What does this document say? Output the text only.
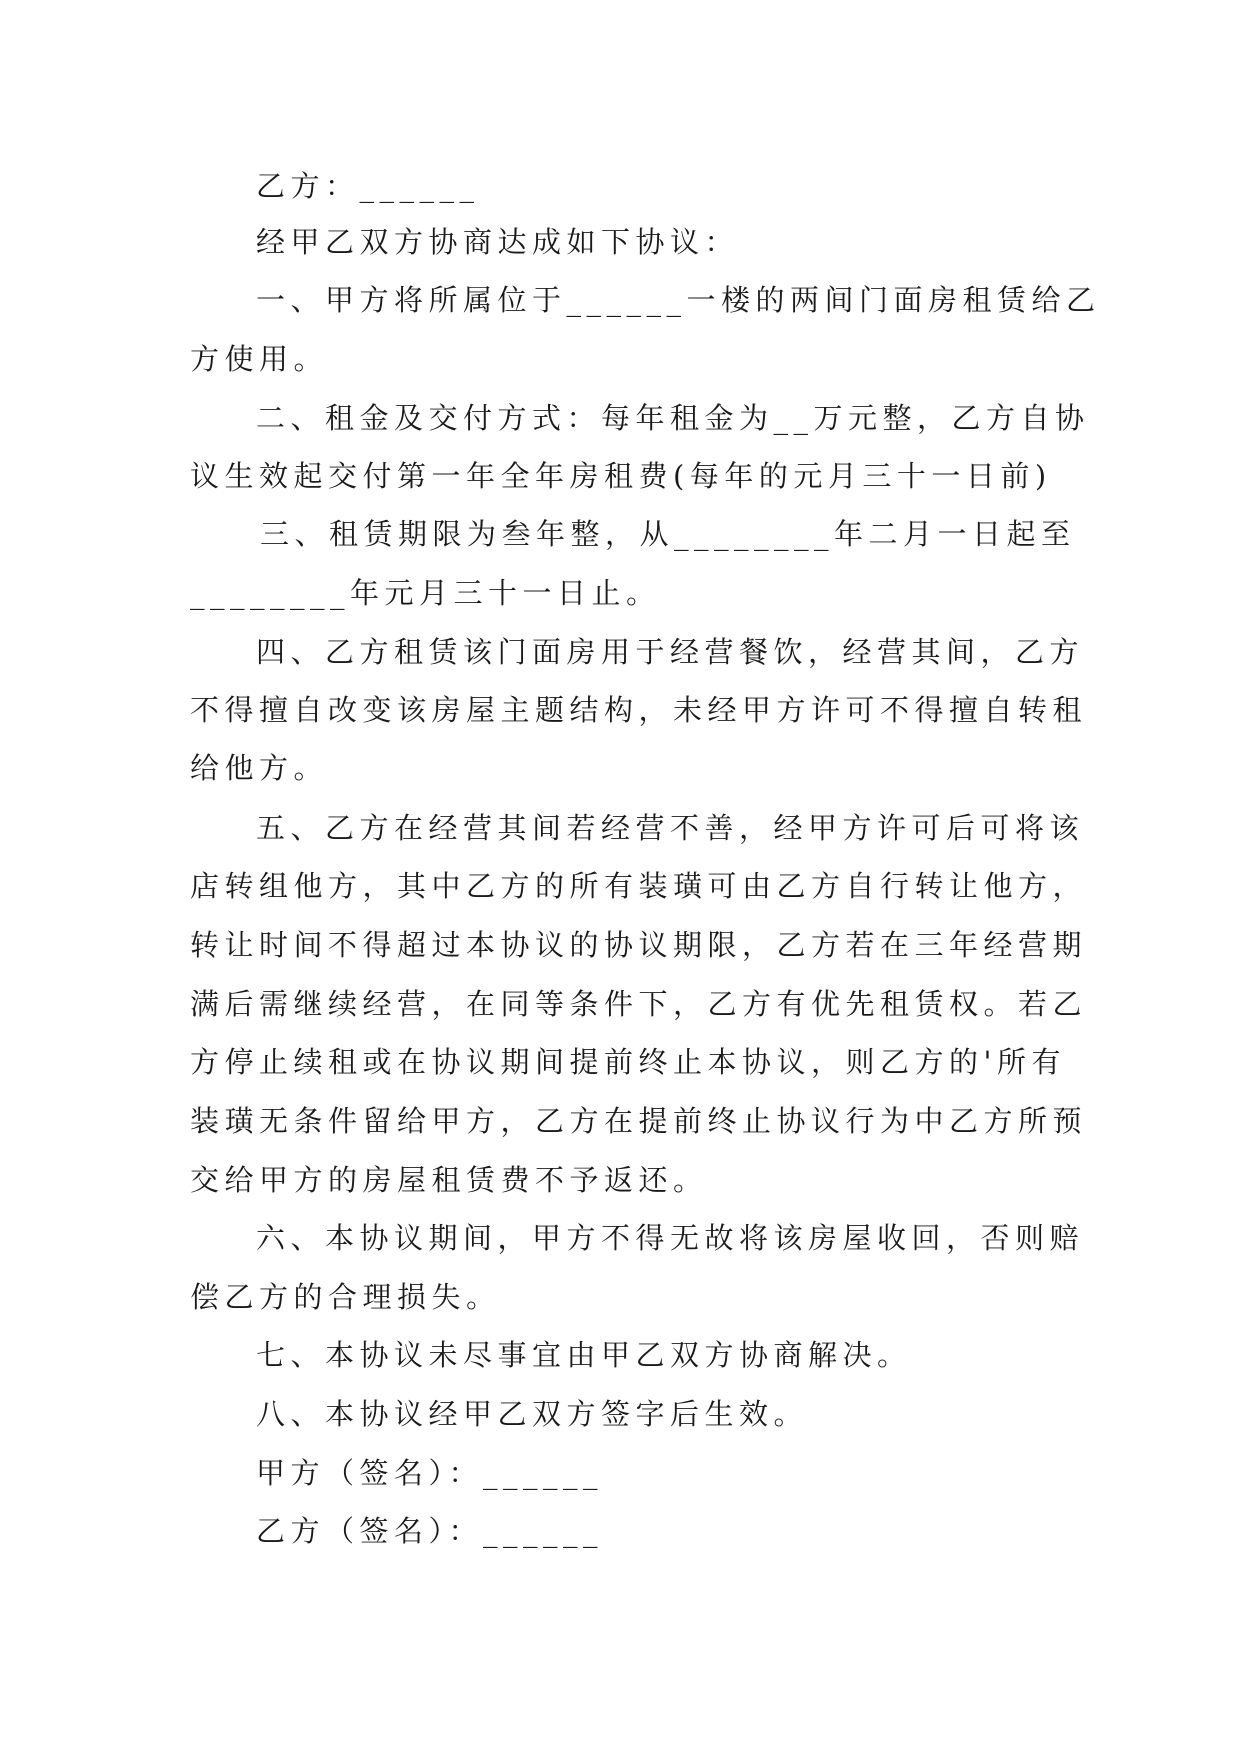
乙方：______
经甲乙双方协商达成如下协议：
一、甲方将所属位于______一楼的两间门面房租赁给乙
方使用。
二、租金及交付方式：每年租金为__万元整，乙方自协
议生效起交付第一年全年房租费(每年的元月三十一日前)
三、租赁期限为叁年整，从________年二月一日起至
________年元月三十一日止。
四、乙方租赁该门面房用于经营餐饮，经营其间，乙方
不得擅自改变该房屋主题结构，未经甲方许可不得擅自转租
给他方。
五、乙方在经营其间若经营不善，经甲方许可后可将该
店转组他方，其中乙方的所有装璜可由乙方自行转让他方，
转让时间不得超过本协议的协议期限，乙方若在三年经营期
满后需继续经营，在同等条件下，乙方有优先租赁权。若乙
方停止续租或在协议期间提前终止本协议，则乙方的'所有
装璜无条件留给甲方，乙方在提前终止协议行为中乙方所预
交给甲方的房屋租赁费不予返还。
六、本协议期间，甲方不得无故将该房屋收回，否则赔
偿乙方的合理损失。
七、本协议未尽事宜由甲乙双方协商解决。
八、本协议经甲乙双方签字后生效。
甲方（签名）：______
乙方（签名）：______
